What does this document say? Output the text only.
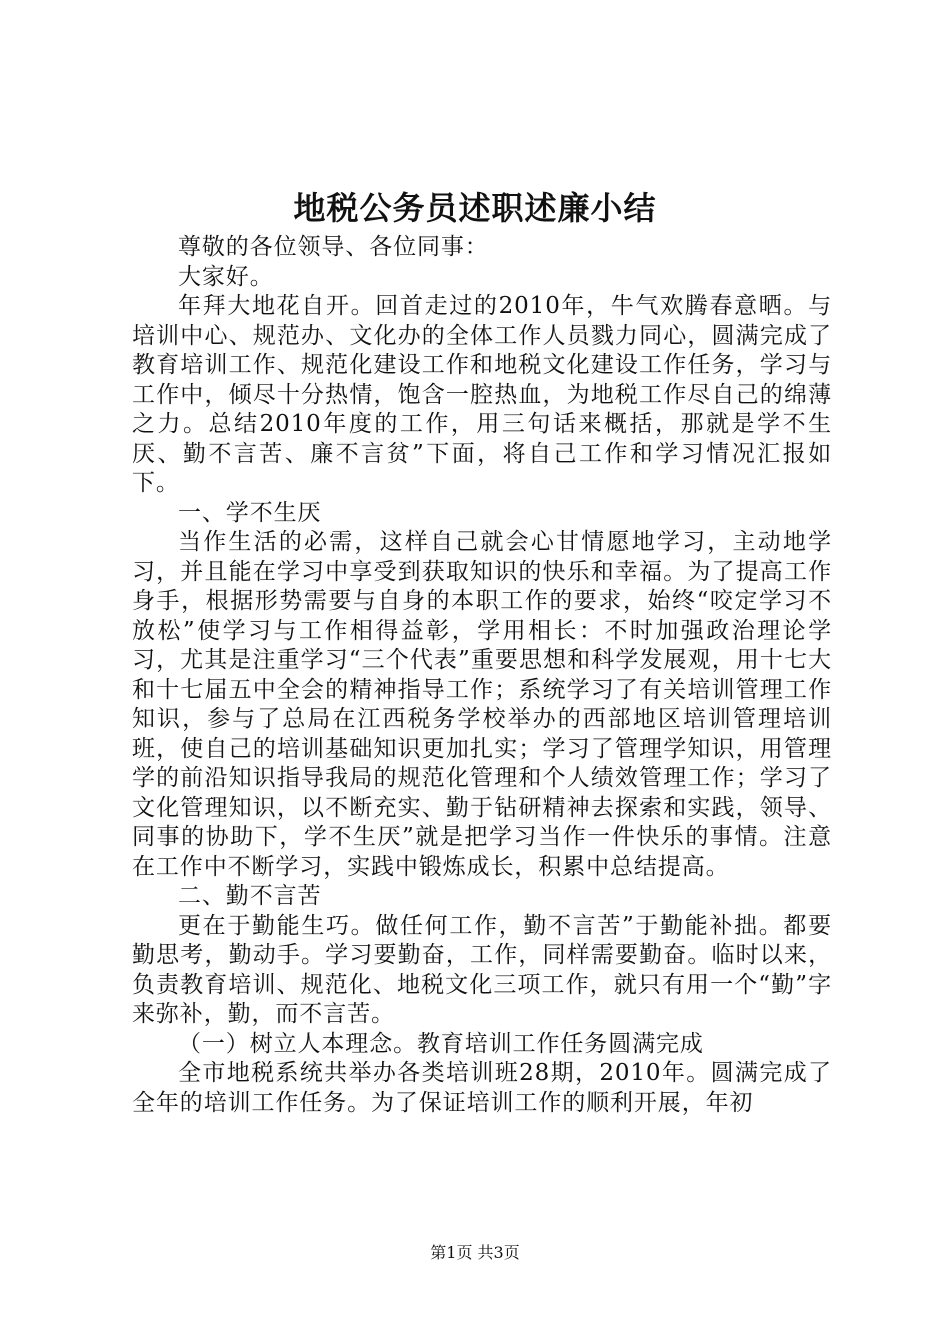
地税公务员述职述廉小结

尊敬的各位领导、各位同事：

大家好。

年拜大地花自开。回首走过的2010年，牛气欢腾春意晒。与培训中心、规范办、文化办的全体工作人员戮力同心，圆满完成了教育培训工作、规范化建设工作和地税文化建设工作任务，学习与工作中，倾尽十分热情，饱含一腔热血，为地税工作尽自己的绵薄之力。总结2010年度的工作，用三句话来概括，那就是学不生厌、勤不言苦、廉不言贫”下面，将自己工作和学习情况汇报如下。

一、学不生厌

当作生活的必需，这样自己就会心甘情愿地学习，主动地学习，并且能在学习中享受到获取知识的快乐和幸福。为了提高工作身手，根据形势需要与自身的本职工作的要求，始终“咬定学习不放松”使学习与工作相得益彰，学用相长：不时加强政治理论学习，尤其是注重学习“三个代表”重要思想和科学发展观，用十七大和十七届五中全会的精神指导工作；系统学习了有关培训管理工作知识，参与了总局在江西税务学校举办的西部地区培训管理培训班，使自己的培训基础知识更加扎实；学习了管理学知识，用管理学的前沿知识指导我局的规范化管理和个人绩效管理工作；学习了文化管理知识，以不断充实、勤于钻研精神去探索和实践，领导、同事的协助下，学不生厌”就是把学习当作一件快乐的事情。注意在工作中不断学习，实践中锻炼成长，积累中总结提高。

二、勤不言苦

更在于勤能生巧。做任何工作，勤不言苦”于勤能补拙。都要勤思考，勤动手。学习要勤奋，工作，同样需要勤奋。临时以来，负责教育培训、规范化、地税文化三项工作，就只有用一个“勤”字来弥补，勤，而不言苦。

（一）树立人本理念。教育培训工作任务圆满完成

全市地税系统共举办各类培训班28期，2010年。圆满完成了全年的培训工作任务。为了保证培训工作的顺利开展，年初

第1页 共3页
